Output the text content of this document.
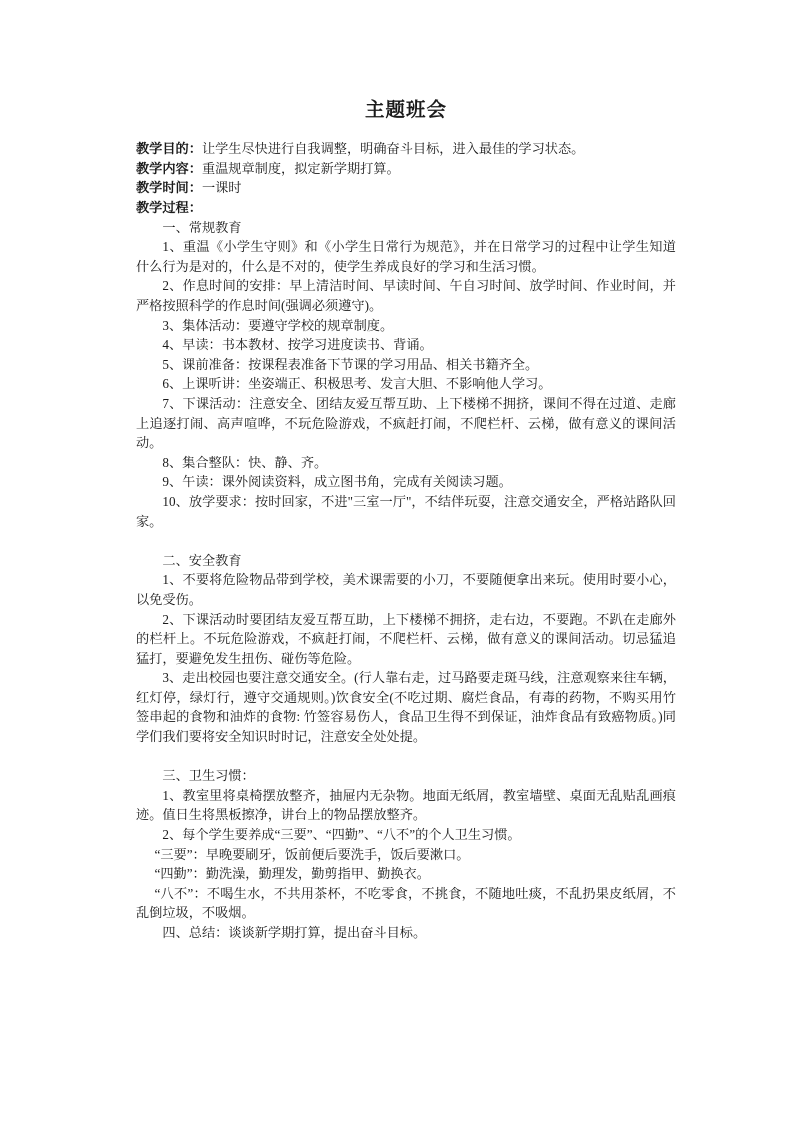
主题班会

教学目的：让学生尽快进行自我调整，明确奋斗目标，进入最佳的学习状态。

教学内容：重温规章制度，拟定新学期打算。

教学时间：一课时

教学过程：

一、常规教育

1、重温《小学生守则》和《小学生日常行为规范》，并在日常学习的过程中让学生知道什么行为是对的，什么是不对的，使学生养成良好的学习和生活习惯。

2、作息时间的安排：早上清洁时间、早读时间、午自习时间、放学时间、作业时间，并严格按照科学的作息时间(强调必须遵守)。

3、集体活动：要遵守学校的规章制度。

4、早读：书本教材、按学习进度读书、背诵。

5、课前准备：按课程表准备下节课的学习用品、相关书籍齐全。

6、上课听讲：坐姿端正、积极思考、发言大胆、不影响他人学习。

7、下课活动：注意安全、团结友爱互帮互助、上下楼梯不拥挤，课间不得在过道、走廊上追逐打闹、高声喧哗，不玩危险游戏，不疯赶打闹，不爬栏杆、云梯，做有意义的课间活动。

8、集合整队：快、静、齐。

9、午读：课外阅读资料，成立图书角，完成有关阅读习题。

10、放学要求：按时回家，不进"三室一厅"，不结伴玩耍，注意交通安全，严格站路队回家。

二、安全教育

1、不要将危险物品带到学校，美术课需要的小刀，不要随便拿出来玩。使用时要小心，以免受伤。

2、下课活动时要团结友爱互帮互助，上下楼梯不拥挤，走右边，不要跑。不趴在走廊外的栏杆上。不玩危险游戏，不疯赶打闹，不爬栏杆、云梯，做有意义的课间活动。切忌猛追猛打，要避免发生扭伤、碰伤等危险。

3、走出校园也要注意交通安全。(行人靠右走，过马路要走斑马线，注意观察来往车辆，红灯停，绿灯行，遵守交通规则。)饮食安全(不吃过期、腐烂食品，有毒的药物，不购买用竹签串起的食物和油炸的食物: 竹签容易伤人，食品卫生得不到保证，油炸食品有致癌物质。)同学们我们要将安全知识时时记，注意安全处处提。

三、卫生习惯：

1、教室里将桌椅摆放整齐，抽屉内无杂物。地面无纸屑，教室墙壁、桌面无乱贴乱画痕迹。值日生将黑板擦净，讲台上的物品摆放整齐。

2、每个学生要养成“三要”、“四勤”、“八不”的个人卫生习惯。

“三要”：早晚要刷牙，饭前便后要洗手，饭后要漱口。

“四勤”：勤洗澡，勤理发，勤剪指甲、勤换衣。

“八不”：不喝生水，不共用茶杯，不吃零食，不挑食，不随地吐痰，不乱扔果皮纸屑，不乱倒垃圾，不吸烟。

四、总结：谈谈新学期打算，提出奋斗目标。
